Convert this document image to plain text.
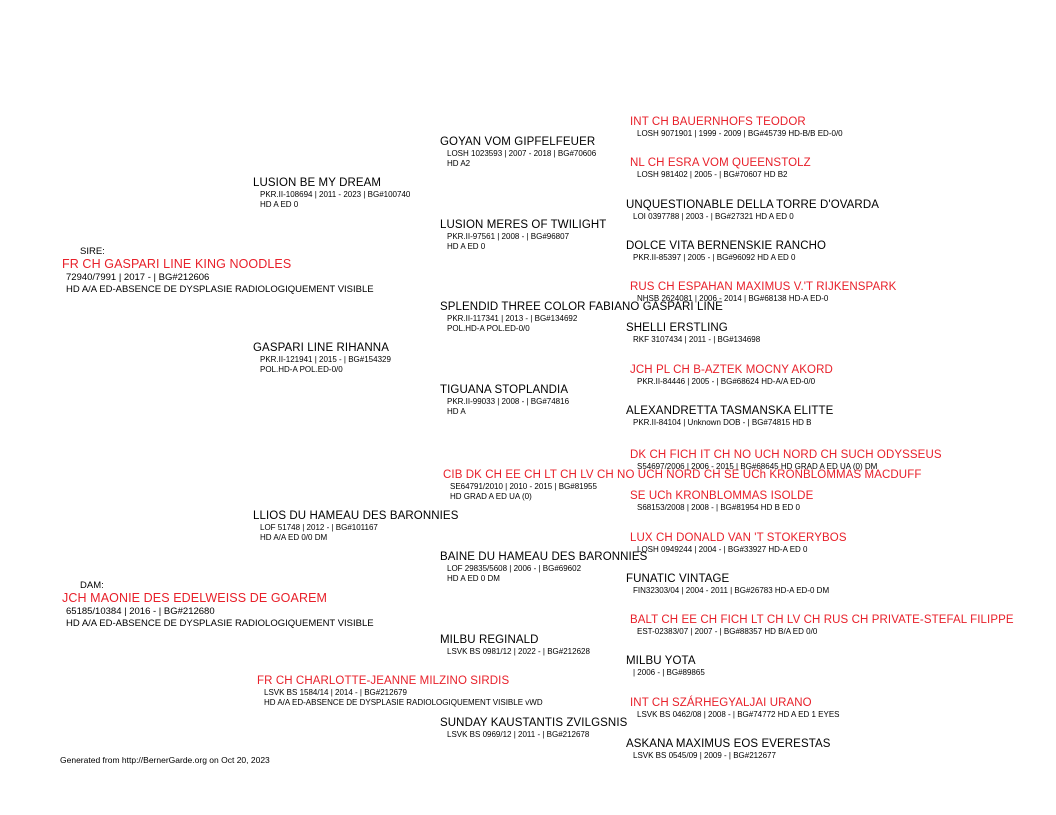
SIRE:
FR CH GASPARI LINE KING NOODLES
72940/7991 | 2017 - | BG#212606
HD A/A ED-ABSENCE DE DYSPLASIE RADIOLOGIQUEMENT VISIBLE
DAM:
JCH MAONIE DES EDELWEISS DE GOAREM
65185/10384 | 2016 - | BG#212680
HD A/A ED-ABSENCE DE DYSPLASIE RADIOLOGIQUEMENT VISIBLE
LUSION BE MY DREAM
PKR.II-108694 | 2011 - 2023 | BG#100740
HD A ED 0
GASPARI LINE RIHANNA
PKR.II-121941 | 2015 - | BG#154329
POL.HD-A POL.ED-0/0
LLIOS DU HAMEAU DES BARONNIES
LOF 51748 | 2012 - | BG#101167
HD A/A ED 0/0 DM
FR CH CHARLOTTE-JEANNE MILZINO SIRDIS
LSVK BS 1584/14 | 2014 - | BG#212679
HD A/A ED-ABSENCE DE DYSPLASIE RADIOLOGIQUEMENT VISIBLE vWD
GOYAN VOM GIPFELFEUER
LOSH 1023593 | 2007 - 2018 | BG#70606
HD A2
LUSION MERES OF TWILIGHT
PKR.II-97561 | 2008 - | BG#96807
HD A ED 0
SPLENDID THREE COLOR FABIANO GASPARI LINE
PKR.II-117341 | 2013 - | BG#134692
POL.HD-A POL.ED-0/0
TIGUANA STOPLANDIA
PKR.II-99033 | 2008 - | BG#74816
HD A
CIB DK CH EE CH LT CH LV CH NO UCH NORD CH SE UCh KRONBLOMMAS MACDUFF
SE64791/2010 | 2010 - 2015 | BG#81955
HD GRAD A ED UA (0)
BAINE DU HAMEAU DES BARONNIES
LOF 29835/5608 | 2006 - | BG#69602
HD A ED 0 DM
MILBU REGINALD
LSVK BS 0981/12 | 2022 - | BG#212628
SUNDAY KAUSTANTIS ZVILGSNIS
LSVK BS 0969/12 | 2011 - | BG#212678
INT CH BAUERNHOFS TEODOR
LOSH 9071901 | 1999 - 2009 | BG#45739 HD-B/B ED-0/0
NL CH ESRA VOM QUEENSTOLZ
LOSH 981402 | 2005 - | BG#70607 HD B2
UNQUESTIONABLE DELLA TORRE D'OVARDA
LOI 0397788 | 2003 - | BG#27321 HD A ED 0
DOLCE VITA BERNENSKIE RANCHO
PKR.II-85397 | 2005 - | BG#96092 HD A ED 0
RUS CH ESPAHAN MAXIMUS V.'T RIJKENSPARK
NHSB 2624081 | 2006 - 2014 | BG#68138 HD-A ED-0
SHELLI ERSTLING
RKF 3107434 | 2011 - | BG#134698
JCH PL CH B-AZTEK MOCNY AKORD
PKR.II-84446 | 2005 - | BG#68624 HD-A/A ED-0/0
ALEXANDRETTA TASMANSKA ELITTE
PKR.II-84104 | Unknown DOB - | BG#74815 HD B
DK CH FICH IT CH NO UCH NORD CH SUCH ODYSSEUS
S54697/2006 | 2006 - 2015 | BG#68645 HD GRAD A ED UA (0) DM
SE UCh KRONBLOMMAS ISOLDE
S68153/2008 | 2008 - | BG#81954 HD B ED 0
LUX CH DONALD VAN 'T STOKERYBOS
LOSH 0949244 | 2004 - | BG#33927 HD-A ED 0
FUNATIC VINTAGE
FIN32303/04 | 2004 - 2011 | BG#26783 HD-A ED-0 DM
BALT CH EE CH FICH LT CH LV CH RUS CH PRIVATE-STEFAL FILIPPE
EST-02383/07 | 2007 - | BG#88357 HD B/A ED 0/0
MILBU YOTA
| 2006 - | BG#89865
INT CH SZÁRHEGYALJAI URANO
LSVK BS 0462/08 | 2008 - | BG#74772 HD A ED 1 EYES
ASKANA MAXIMUS EOS EVERESTAS
LSVK BS 0545/09 | 2009 - | BG#212677
Generated from http://BernerGarde.org on Oct 20, 2023
